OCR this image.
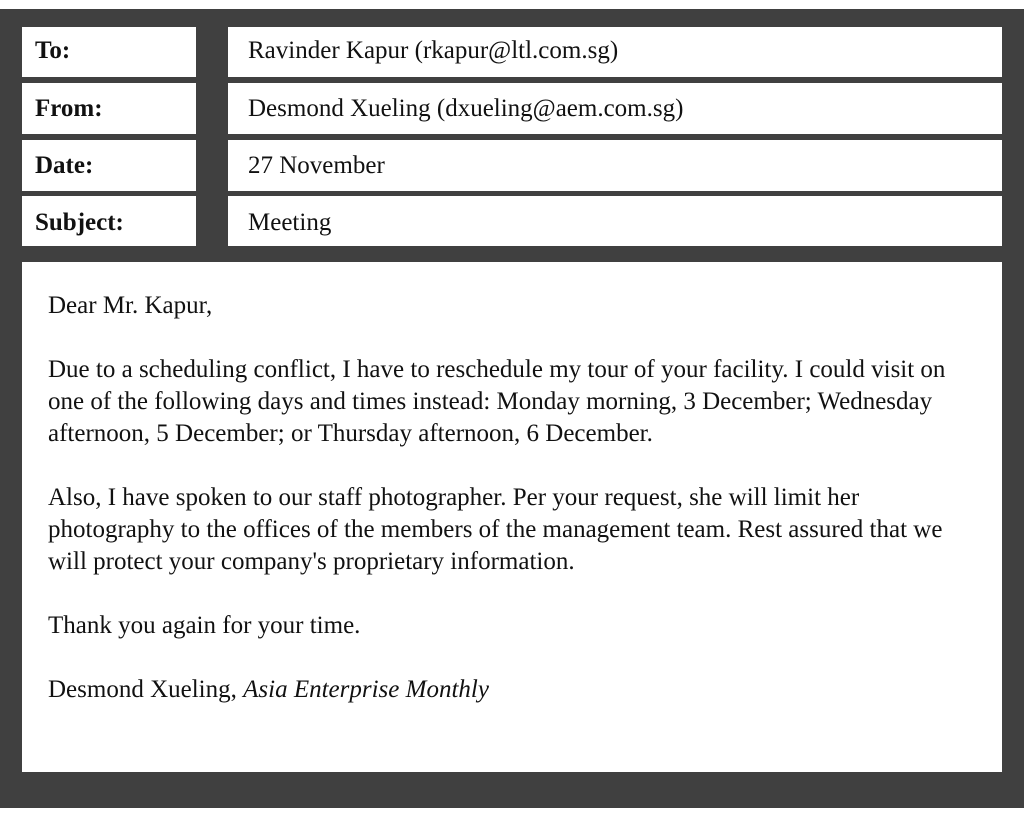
To:	Ravinder Kapur (rkapur@ltl.com.sg)
From:	Desmond Xueling (dxueling@aem.com.sg)
Date:	27 November
Subject:	Meeting

Dear Mr. Kapur,

Due to a scheduling conflict, I have to reschedule my tour of your facility. I could visit on one of the following days and times instead: Monday morning, 3 December; Wednesday afternoon, 5 December; or Thursday afternoon, 6 December.

Also, I have spoken to our staff photographer. Per your request, she will limit her photography to the offices of the members of the management team. Rest assured that we will protect your company's proprietary information.

Thank you again for your time.

Desmond Xueling, Asia Enterprise Monthly
